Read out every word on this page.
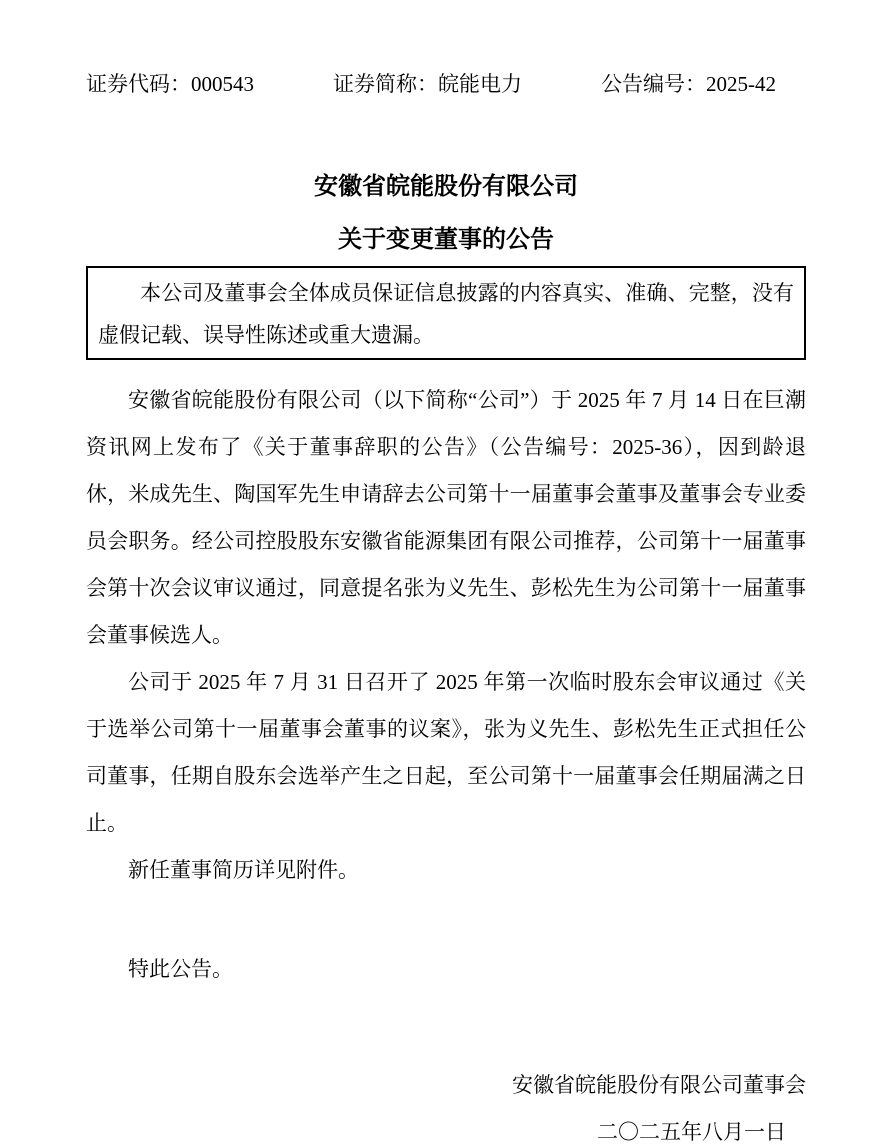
证券代码：000543	证券简称：皖能电力	公告编号：2025-42
安徽省皖能股份有限公司
关于变更董事的公告
本公司及董事会全体成员保证信息披露的内容真实、准确、完整，没有虚假记载、误导性陈述或重大遗漏。

安徽省皖能股份有限公司（以下简称“公司”）于 2025 年 7 月 14 日在巨潮资讯网上发布了《关于董事辞职的公告》（公告编号：2025-36），因到龄退休，米成先生、陶国军先生申请辞去公司第十一届董事会董事及董事会专业委员会职务。经公司控股股东安徽省能源集团有限公司推荐，公司第十一届董事会第十次会议审议通过，同意提名张为义先生、彭松先生为公司第十一届董事会董事候选人。

公司于 2025 年 7 月 31 日召开了 2025 年第一次临时股东会审议通过《关于选举公司第十一届董事会董事的议案》，张为义先生、彭松先生正式担任公司董事，任期自股东会选举产生之日起，至公司第十一届董事会任期届满之日止。

新任董事简历详见附件。

特此公告。

安徽省皖能股份有限公司董事会

二〇二五年八月一日
